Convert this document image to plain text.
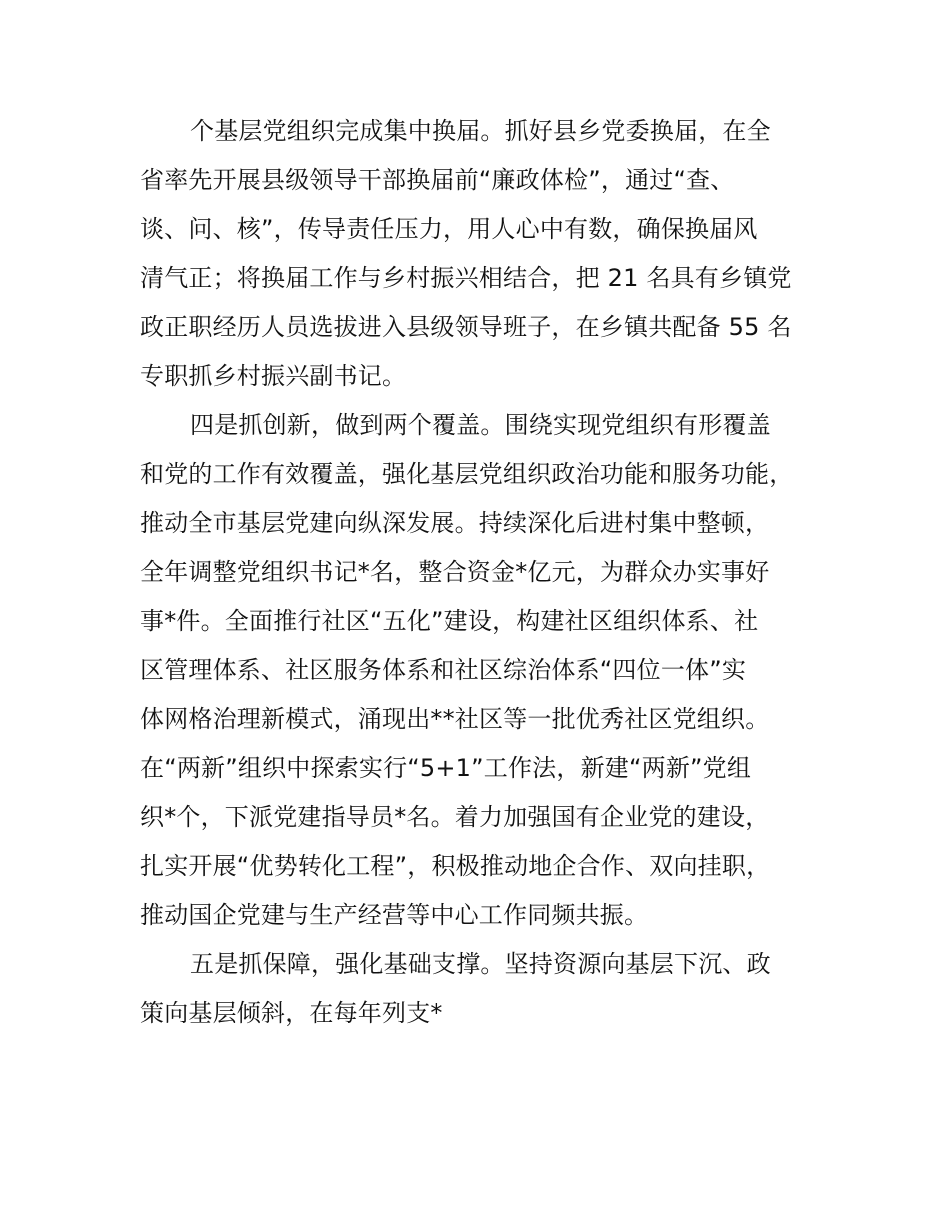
个基层党组织完成集中换届。抓好县乡党委换届，在全
省率先开展县级领导干部换届前“廉政体检”，通过“查、
谈、问、核”，传导责任压力，用人心中有数，确保换届风
清气正；将换届工作与乡村振兴相结合，把 21 名具有乡镇党
政正职经历人员选拔进入县级领导班子，在乡镇共配备 55 名
专职抓乡村振兴副书记。
四是抓创新，做到两个覆盖。围绕实现党组织有形覆盖
和党的工作有效覆盖，强化基层党组织政治功能和服务功能，
推动全市基层党建向纵深发展。持续深化后进村集中整顿，
全年调整党组织书记*名，整合资金*亿元，为群众办实事好
事*件。全面推行社区“五化”建设，构建社区组织体系、社
区管理体系、社区服务体系和社区综治体系“四位一体”实
体网格治理新模式，涌现出**社区等一批优秀社区党组织。
在“两新”组织中探索实行“5+1”工作法，新建“两新”党组
织*个，下派党建指导员*名。着力加强国有企业党的建设，
扎实开展“优势转化工程”，积极推动地企合作、双向挂职，
推动国企党建与生产经营等中心工作同频共振。
五是抓保障，强化基础支撑。坚持资源向基层下沉、政
策向基层倾斜，在每年列支*
